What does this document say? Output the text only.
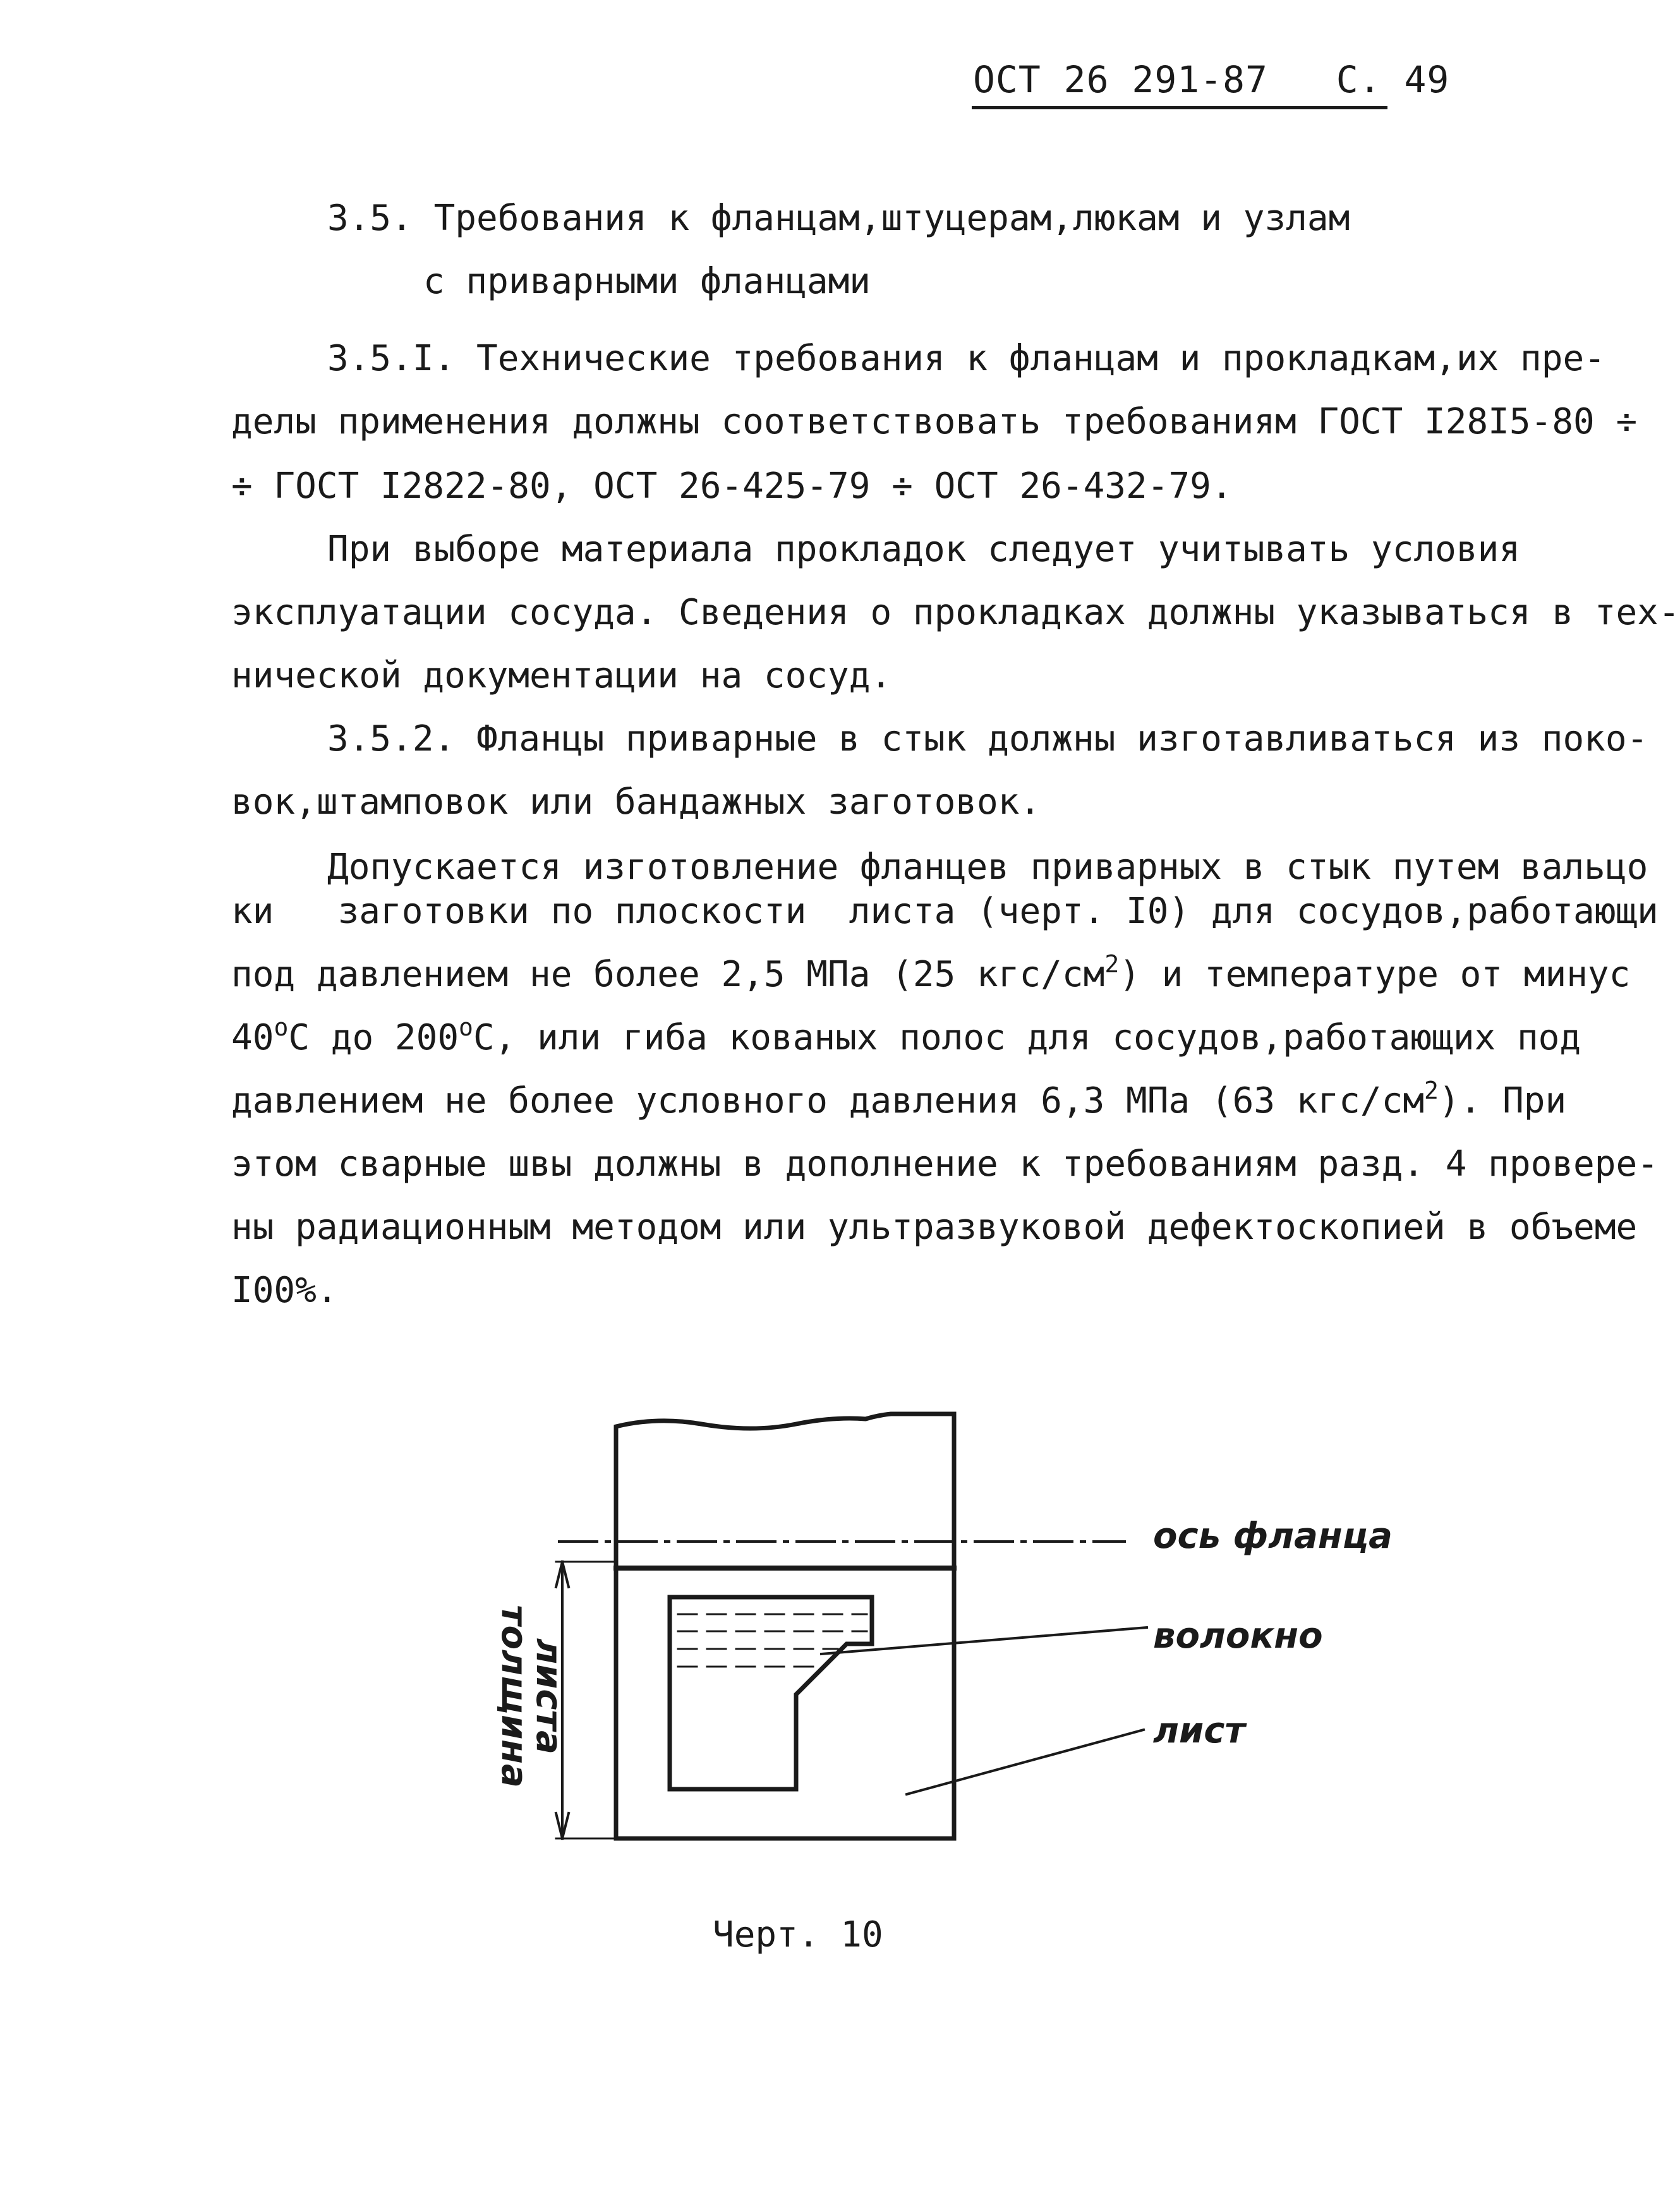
ОСТ 26 291-87 С. 49
3.5. Требования к фланцам,штуцерам,люкам и узлам
с приварными фланцами
3.5.I. Технические требования к фланцам и прокладкам,их пре-
делы применения должны соответствовать требованиям ГОСТ I28I5-80 ÷
÷ ГОСТ I2822-80, ОСТ 26-425-79 ÷ ОСТ 26-432-79.
При выборе материала прокладок следует учитывать условия
эксплуатации сосуда. Сведения о прокладках должны указываться в тех-
нической документации на сосуд.
3.5.2. Фланцы приварные в стык должны изготавливаться из поко-
вок,штамповок или бандажных заготовок.
Допускается изготовление фланцев приварных в стык путем вальцо
ки   заготовки по плоскости  листа (черт. I0) для сосудов,работающи
под давлением не более 2,5 МПа (25 кгс/$см^2$) и температуре от минус
$40^оС$ до $200^оС$, или гиба кованых полос для сосудов,работающих под
давлением не более условного давления 6,3 МПа (63 кгс/$см^2$). При
этом сварные швы должны в дополнение к требованиям разд. 4 провере-
ны радиационным методом или ультразвуковой дефектоскопией в объеме
I00%.
ось фланца
волокно
лист
толщина
листа
Черт. 10
